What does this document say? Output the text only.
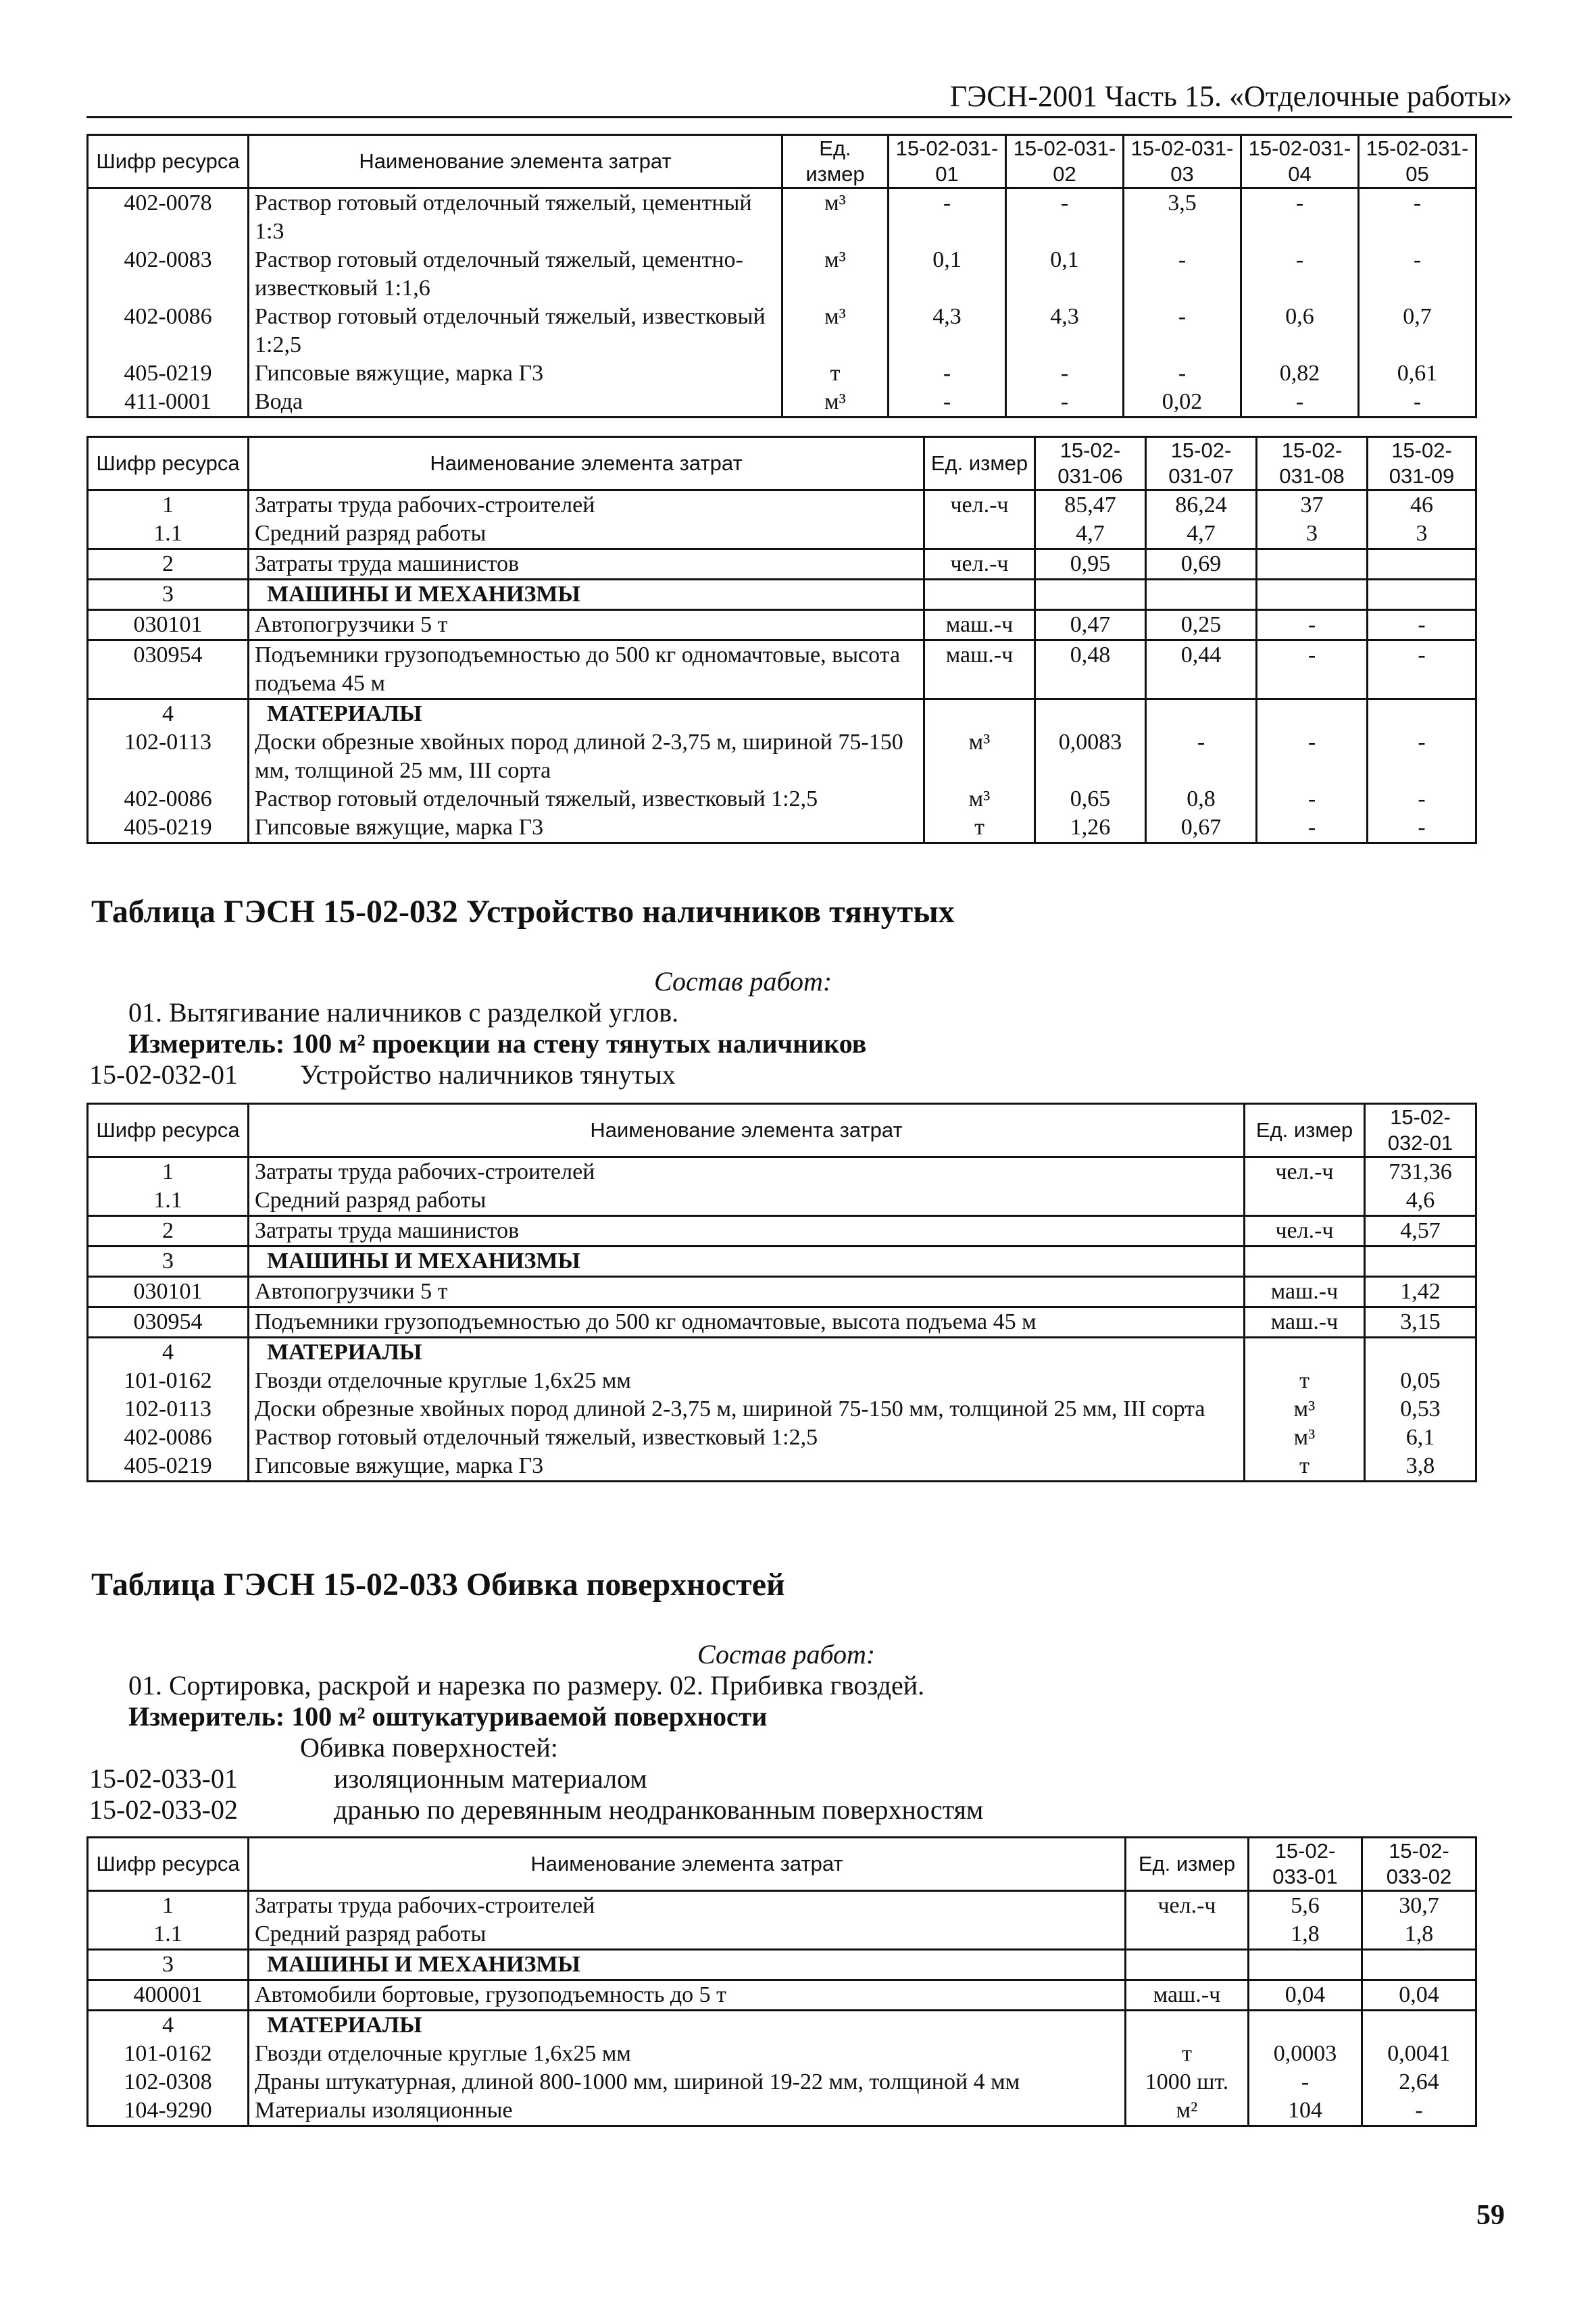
ГЭСН-2001 Часть 15. «Отделочные работы»
Шифр ресурса	Наименование элемента затрат	Ед. измер	15-02-031-01	15-02-031-02	15-02-031-03	15-02-031-04	15-02-031-05
402-0078	Раствор готовый отделочный тяжелый, цементный 1:3	м³	-	-	3,5	-	-
402-0083	Раствор готовый отделочный тяжелый, цементно-известковый 1:1,6	м³	0,1	0,1	-	-	-
402-0086	Раствор готовый отделочный тяжелый, известковый 1:2,5	м³	4,3	4,3	-	0,6	0,7
405-0219	Гипсовые вяжущие, марка Г3	т	-	-	-	0,82	0,61
411-0001	Вода	м³	-	-	0,02	-	-
Шифр ресурса	Наименование элемента затрат	Ед. измер	15-02-031-06	15-02-031-07	15-02-031-08	15-02-031-09
1	Затраты труда рабочих-строителей	чел.-ч	85,47	86,24	37	46
1.1	Средний разряд работы		4,7	4,7	3	3
2	Затраты труда машинистов	чел.-ч	0,95	0,69		
3	МАШИНЫ И МЕХАНИЗМЫ					
030101	Автопогрузчики 5 т	маш.-ч	0,47	0,25	-	-
030954	Подъемники грузоподъемностью до 500 кг одномачтовые, высота подъема 45 м	маш.-ч	0,48	0,44	-	-
4	МАТЕРИАЛЫ					
102-0113	Доски обрезные хвойных пород длиной 2-3,75 м, шириной 75-150 мм, толщиной 25 мм, III сорта	м³	0,0083	-	-	-
402-0086	Раствор готовый отделочный тяжелый, известковый 1:2,5	м³	0,65	0,8	-	-
405-0219	Гипсовые вяжущие, марка Г3	т	1,26	0,67	-	-
Таблица ГЭСН 15-02-032 Устройство наличников тянутых
Состав работ:
01. Вытягивание наличников с разделкой углов.
Измеритель: 100 м² проекции на стену тянутых наличников
15-02-032-01 Устройство наличников тянутых
Шифр ресурса	Наименование элемента затрат	Ед. измер	15-02-032-01
1	Затраты труда рабочих-строителей	чел.-ч	731,36
1.1	Средний разряд работы		4,6
2	Затраты труда машинистов	чел.-ч	4,57
3	МАШИНЫ И МЕХАНИЗМЫ		
030101	Автопогрузчики 5 т	маш.-ч	1,42
030954	Подъемники грузоподъемностью до 500 кг одномачтовые, высота подъема 45 м	маш.-ч	3,15
4	МАТЕРИАЛЫ		
101-0162	Гвозди отделочные круглые 1,6х25 мм	т	0,05
102-0113	Доски обрезные хвойных пород длиной 2-3,75 м, шириной 75-150 мм, толщиной 25 мм, III сорта	м³	0,53
402-0086	Раствор готовый отделочный тяжелый, известковый 1:2,5	м³	6,1
405-0219	Гипсовые вяжущие, марка Г3	т	3,8
Таблица ГЭСН 15-02-033 Обивка поверхностей
Состав работ:
01. Сортировка, раскрой и нарезка по размеру. 02. Прибивка гвоздей.
Измеритель: 100 м² оштукатуриваемой поверхности
Обивка поверхностей:
15-02-033-01	изоляционным материалом
15-02-033-02	дранью по деревянным неодранкованным поверхностям
Шифр ресурса	Наименование элемента затрат	Ед. измер	15-02-033-01	15-02-033-02
1	Затраты труда рабочих-строителей	чел.-ч	5,6	30,7
1.1	Средний разряд работы		1,8	1,8
3	МАШИНЫ И МЕХАНИЗМЫ			
400001	Автомобили бортовые, грузоподъемность до 5 т	маш.-ч	0,04	0,04
4	МАТЕРИАЛЫ			
101-0162	Гвозди отделочные круглые 1,6х25 мм	т	0,0003	0,0041
102-0308	Драны штукатурная, длиной 800-1000 мм, шириной 19-22 мм, толщиной 4 мм	1000 шт.	-	2,64
104-9290	Материалы изоляционные	м²	104	-
59
